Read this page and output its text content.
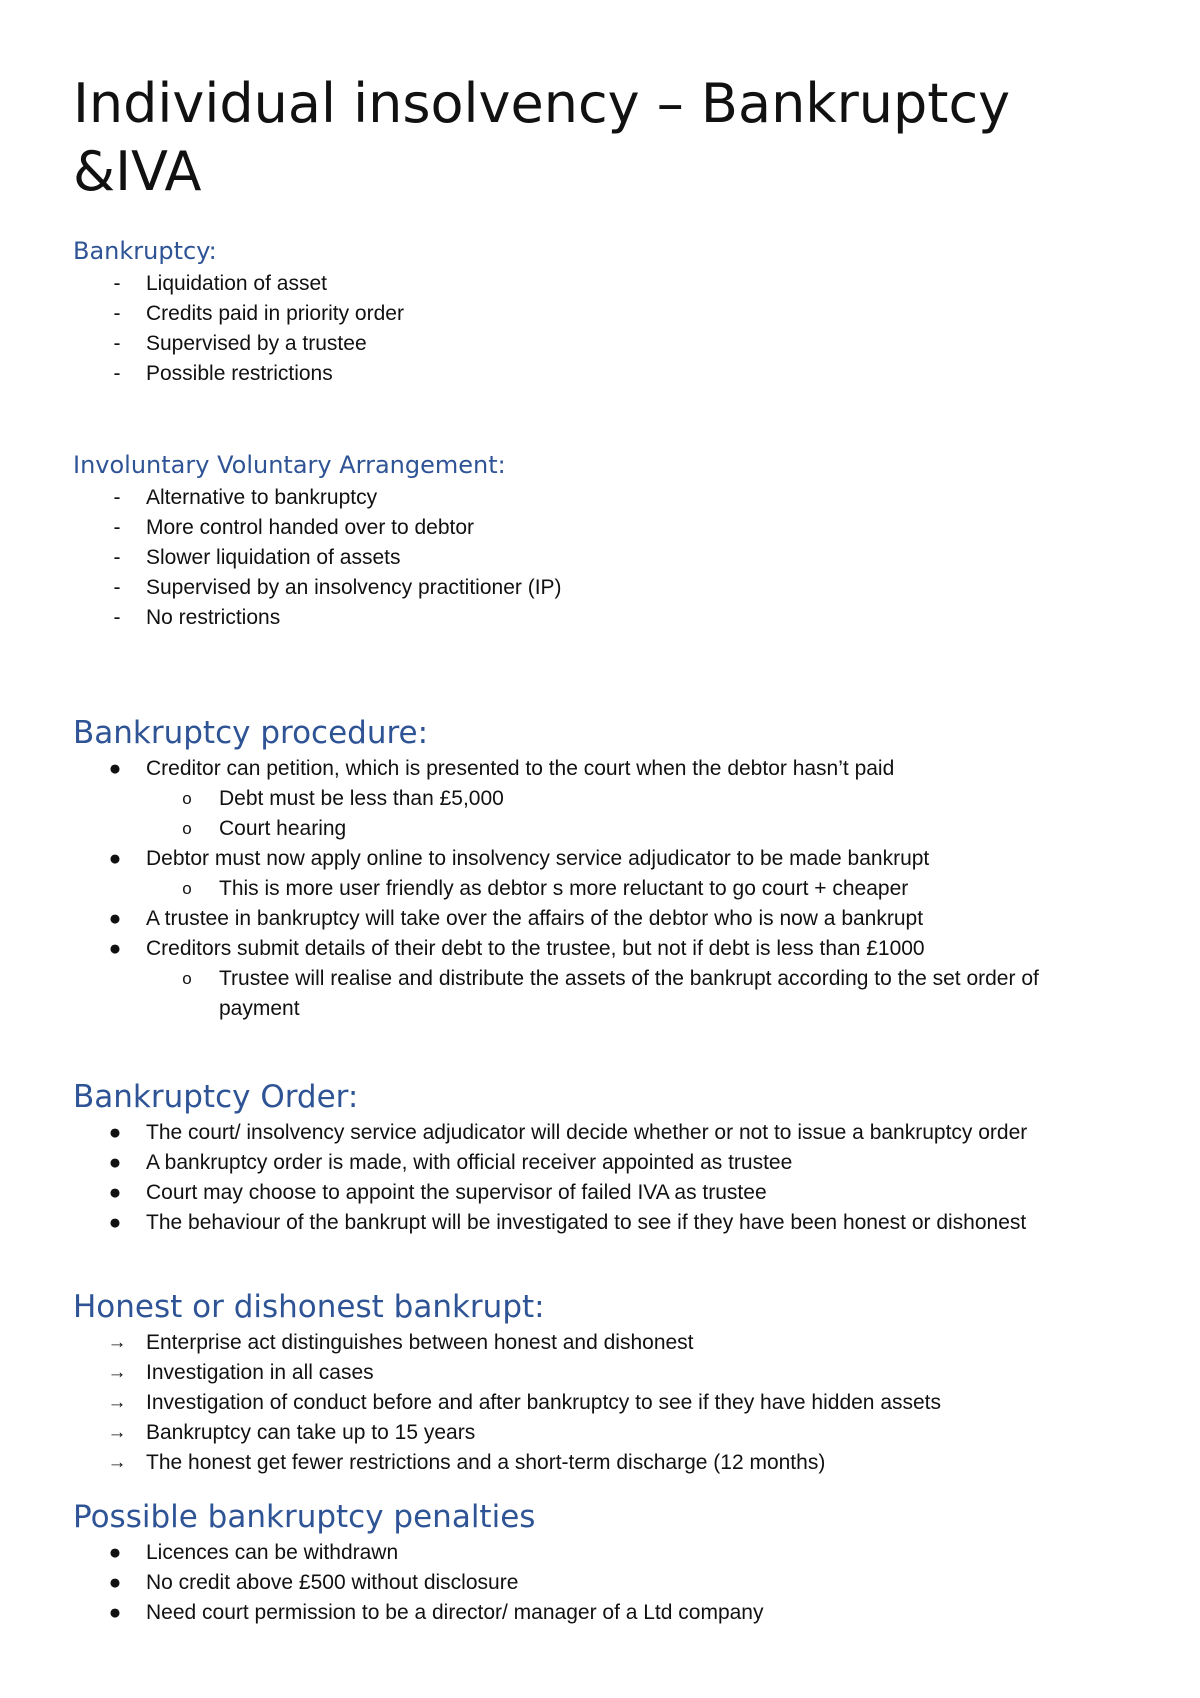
Individual insolvency – Bankruptcy &IVA
Bankruptcy:
-	Liquidation of asset
-	Credits paid in priority order
-	Supervised by a trustee
-	Possible restrictions
Involuntary Voluntary Arrangement:
-	Alternative to bankruptcy
-	More control handed over to debtor
-	Slower liquidation of assets
-	Supervised by an insolvency practitioner (IP)
-	No restrictions
Bankruptcy procedure:
●	Creditor can petition, which is presented to the court when the debtor hasn’t paid
o	Debt must be less than £5,000
o	Court hearing
●	Debtor must now apply online to insolvency service adjudicator to be made bankrupt
o	This is more user friendly as debtor s more reluctant to go court + cheaper
●	A trustee in bankruptcy will take over the affairs of the debtor who is now a bankrupt
●	Creditors submit details of their debt to the trustee, but not if debt is less than £1000
o	Trustee will realise and distribute the assets of the bankrupt according to the set order of payment
Bankruptcy Order:
●	The court/ insolvency service adjudicator will decide whether or not to issue a bankruptcy order
●	A bankruptcy order is made, with official receiver appointed as trustee
●	Court may choose to appoint the supervisor of failed IVA as trustee
●	The behaviour of the bankrupt will be investigated to see if they have been honest or dishonest
Honest or dishonest bankrupt:
→ Enterprise act distinguishes between honest and dishonest
→ Investigation in all cases
→ Investigation of conduct before and after bankruptcy to see if they have hidden assets
→ Bankruptcy can take up to 15 years
→ The honest get fewer restrictions and a short-term discharge (12 months)
Possible bankruptcy penalties
●	Licences can be withdrawn
●	No credit above £500 without disclosure
●	Need court permission to be a director/ manager of a Ltd company
